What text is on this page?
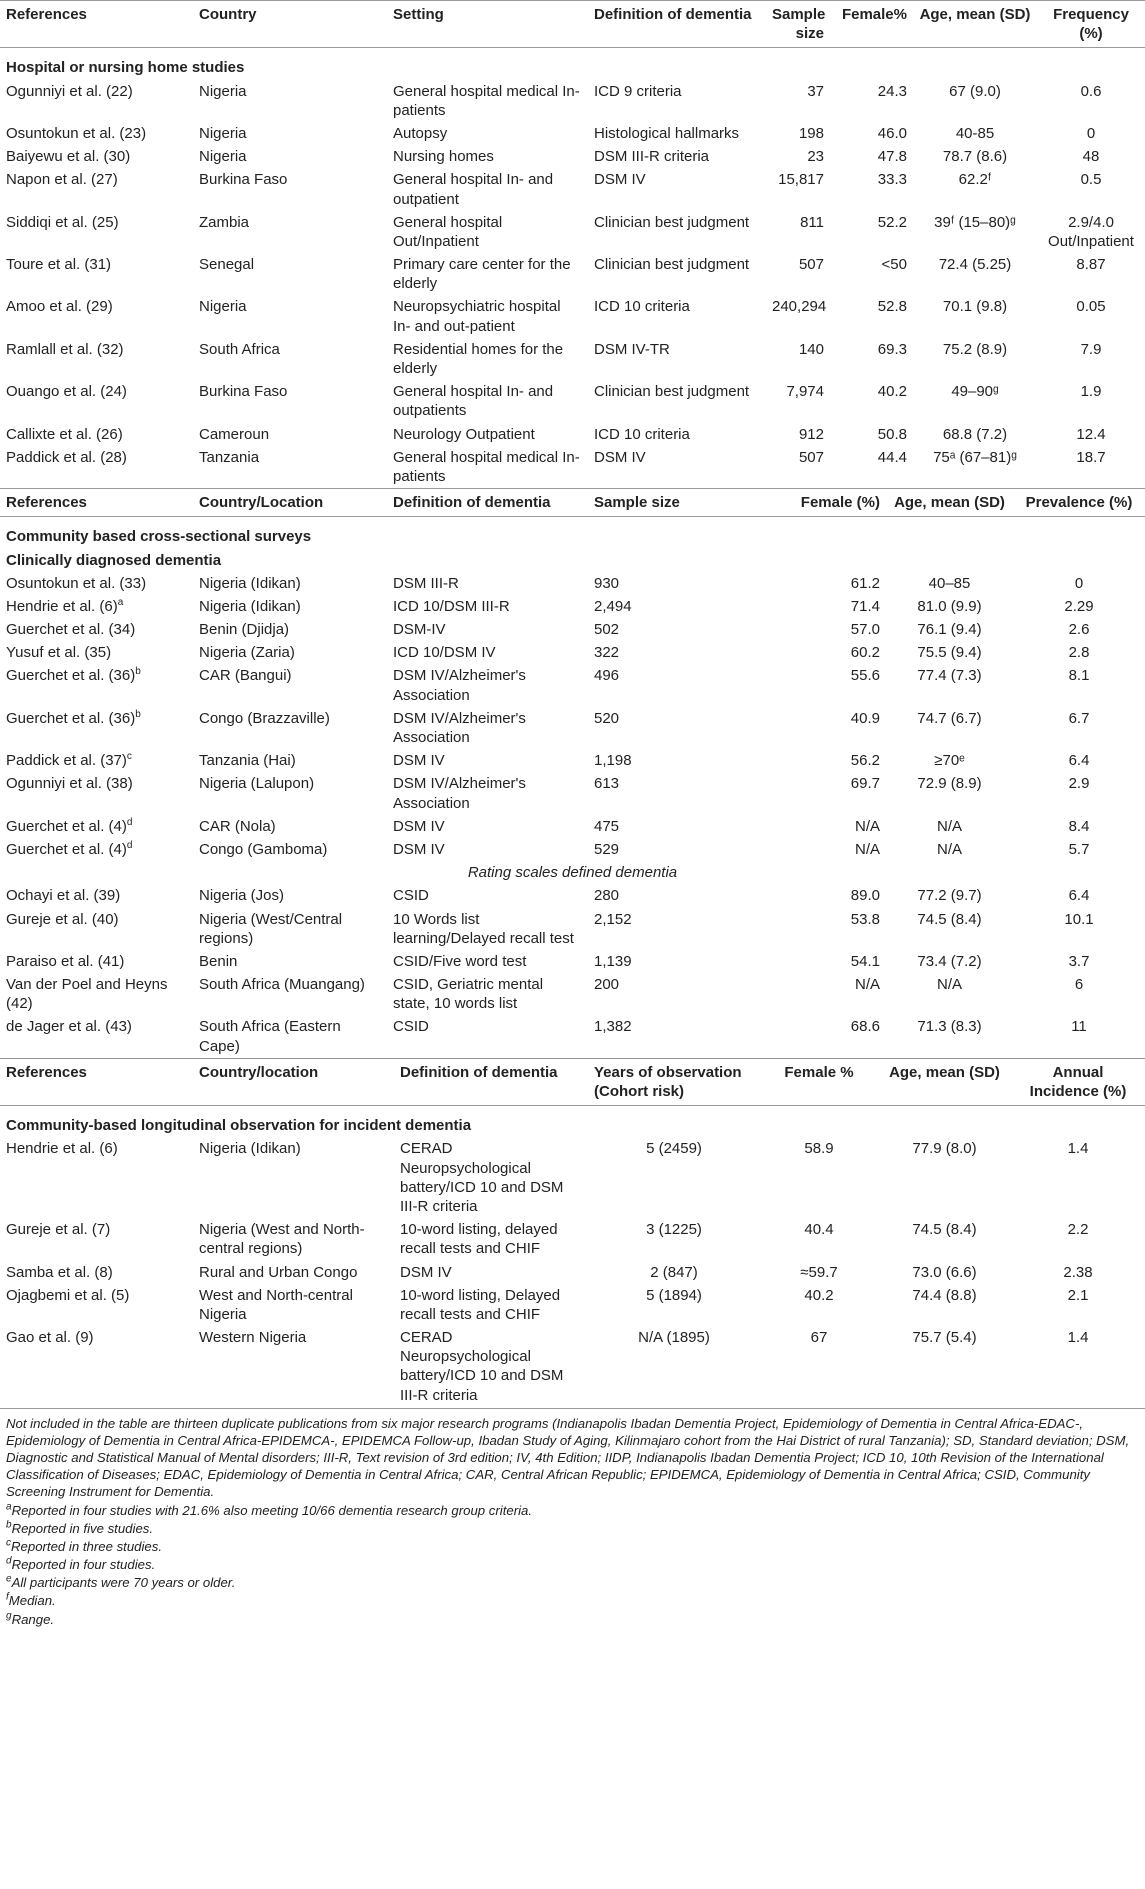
References	Country	Setting	Definition of dementia	Sample size	Female%	Age, mean (SD)	Frequency (%)
Hospital or nursing home studies							
Ogunniyi et al. (22)	Nigeria	General hospital medical In-patients	ICD 9 criteria	37	24.3	67 (9.0)	0.6
Osuntokun et al. (23)	Nigeria	Autopsy	Histological hallmarks	198	46.0	40-85	0
Baiyewu et al. (30)	Nigeria	Nursing homes	DSM III-R criteria	23	47.8	78.7 (8.6)	48
Napon et al. (27)	Burkina Faso	General hospital In- and outpatient	DSM IV	15,817	33.3	62.2ᶠ	0.5
Siddiqi et al. (25)	Zambia	General hospital Out/Inpatient	Clinician best judgment	811	52.2	39ᶠ (15–80)ᵍ	2.9/4.0 Out/Inpatient
Toure et al. (31)	Senegal	Primary care center for the elderly	Clinician best judgment	507	<50	72.4 (5.25)	8.87
Amoo et al. (29)	Nigeria	Neuropsychiatric hospital In- and out-patient	ICD 10 criteria	240,294	52.8	70.1 (9.8)	0.05
Ramlall et al. (32)	South Africa	Residential homes for the elderly	DSM IV-TR	140	69.3	75.2 (8.9)	7.9
Ouango et al. (24)	Burkina Faso	General hospital In- and outpatients	Clinician best judgment	7,974	40.2	49–90ᵍ	1.9
Callixte et al. (26)	Cameroun	Neurology Outpatient	ICD 10 criteria	912	50.8	68.8 (7.2)	12.4
Paddick et al. (28)	Tanzania	General hospital medical In-patients	DSM IV	507	44.4	75ᵃ (67–81)ᵍ	18.7
References	Country/Location	Definition of dementia	Sample size	Female (%)	Age, mean (SD)	Prevalence (%)
Community based cross-sectional surveys						
Clinically diagnosed dementia						
Osuntokun et al. (33)	Nigeria (Idikan)	DSM III-R	930	61.2	40–85	0
Hendrie et al. $(6)^a$	Nigeria (Idikan)	ICD 10/DSM III-R	2,494	71.4	81.0 (9.9)	2.29
Guerchet et al. (34)	Benin (Djidja)	DSM-IV	502	57.0	76.1 (9.4)	2.6
Yusuf et al. (35)	Nigeria (Zaria)	ICD 10/DSM IV	322	60.2	75.5 (9.4)	2.8
Guerchet et al. $(36)^b$	CAR (Bangui)	DSM IV/Alzheimer's Association	496	55.6	77.4 (7.3)	8.1
Guerchet et al. $(36)^b$	Congo (Brazzaville)	DSM IV/Alzheimer's Association	520	40.9	74.7 (6.7)	6.7
Paddick et al. $(37)^c$	Tanzania (Hai)	DSM IV	1,198	56.2	≥70ᵉ	6.4
Ogunniyi et al. (38)	Nigeria (Lalupon)	DSM IV/Alzheimer's Association	613	69.7	72.9 (8.9)	2.9
Guerchet et al. $(4)^d$	CAR (Nola)	DSM IV	475	N/A	N/A	8.4
Guerchet et al. $(4)^d$	Congo (Gamboma)	DSM IV	529	N/A	N/A	5.7
Rating scales defined dementia						
Ochayi et al. (39)	Nigeria (Jos)	CSID	280	89.0	77.2 (9.7)	6.4
Gureje et al. (40)	Nigeria (West/Central regions)	10 Words list learning/Delayed recall test	2,152	53.8	74.5 (8.4)	10.1
Paraiso et al. (41)	Benin	CSID/Five word test	1,139	54.1	73.4 (7.2)	3.7
Van der Poel and Heyns (42)	South Africa (Muangang)	CSID, Geriatric mental state, 10 words list	200	N/A	N/A	6
de Jager et al. (43)	South Africa (Eastern Cape)	CSID	1,382	68.6	71.3 (8.3)	11
References	Country/location	Definition of dementia	Years of observation (Cohort risk)	Female %	Age, mean (SD)	Annual Incidence (%)
Community-based longitudinal observation for incident dementia						
Hendrie et al. (6)	Nigeria (Idikan)	CERAD Neuropsychological battery/ICD 10 and DSM III-R criteria	5 (2459)	58.9	77.9 (8.0)	1.4
Gureje et al. (7)	Nigeria (West and North-central regions)	10-word listing, delayed recall tests and CHIF	3 (1225)	40.4	74.5 (8.4)	2.2
Samba et al. (8)	Rural and Urban Congo	DSM IV	2 (847)	≈59.7	73.0 (6.6)	2.38
Ojagbemi et al. (5)	West and North-central Nigeria	10-word listing, Delayed recall tests and CHIF	5 (1894)	40.2	74.4 (8.8)	2.1
Gao et al. (9)	Western Nigeria	CERAD Neuropsychological battery/ICD 10 and DSM III-R criteria	N/A (1895)	67	75.7 (5.4)	1.4
Not included in the table are thirteen duplicate publications from six major research programs (Indianapolis Ibadan Dementia Project, Epidemiology of Dementia in Central Africa-EDAC-, Epidemiology of Dementia in Central Africa-EPIDEMCA-, EPIDEMCA Follow-up, Ibadan Study of Aging, Kilinmajaro cohort from the Hai District of rural Tanzania); SD, Standard deviation; DSM, Diagnostic and Statistical Manual of Mental disorders; III-R, Text revision of 3rd edition; IV, 4th Edition; IIDP, Indianapolis Ibadan Dementia Project; ICD 10, 10th Revision of the International Classification of Diseases; EDAC, Epidemiology of Dementia in Central Africa; CAR, Central African Republic; EPIDEMCA, Epidemiology of Dementia in Central Africa; CSID, Community Screening Instrument for Dementia.
$^a$Reported in four studies with 21.6% also meeting 10/66 dementia research group criteria.
$^b$Reported in five studies.
$^c$Reported in three studies.
$^d$Reported in four studies.
$^e$All participants were 70 years or older.
$^f$Median.
$^g$Range.
